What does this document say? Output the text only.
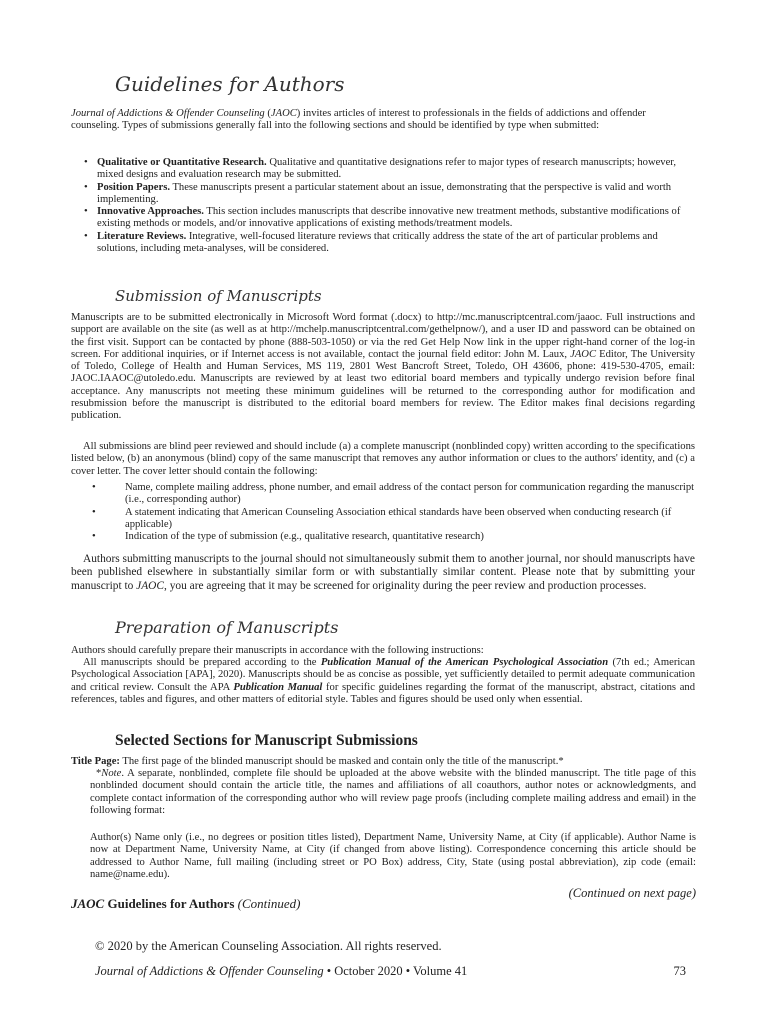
Guidelines for Authors

Journal of Addictions & Offender Counseling (JAOC) invites articles of interest to professionals in the fields of addictions and offender counseling. Types of submissions generally fall into the following sections and should be identified by type when submitted:

• Qualitative or Quantitative Research. Qualitative and quantitative designations refer to major types of research manuscripts; however, mixed designs and evaluation research may be submitted.
• Position Papers. These manuscripts present a particular statement about an issue, demonstrating that the perspective is valid and worth implementing.
• Innovative Approaches. This section includes manuscripts that describe innovative new treatment methods, substantive modifications of existing methods or models, and/or innovative applications of existing methods/treatment models.
• Literature Reviews. Integrative, well-focused literature reviews that critically address the state of the art of particular problems and solutions, including meta-analyses, will be considered.
Submission of Manuscripts

Manuscripts are to be submitted electronically in Microsoft Word format (.docx) to http://mc.manuscriptcentral.com/jaaoc. Full instructions and support are available on the site (as well as at http://mchelp.manuscriptcentral.com/gethelpnow/), and a user ID and password can be obtained on the first visit. Support can be contacted by phone (888-503-1050) or via the red Get Help Now link in the upper right-hand corner of the log-in screen. For additional inquiries, or if Internet access is not available, contact the journal field editor: John M. Laux, JAOC Editor, The University of Toledo, College of Health and Human Services, MS 119, 2801 West Bancroft Street, Toledo, OH 43606, phone: 419-530-4705, email: JAOC.IAAOC@utoledo.edu. Manuscripts are reviewed by at least two editorial board members and typically undergo revision before final acceptance. Any manuscripts not meeting these minimum guidelines will be returned to the corresponding author for modification and resubmission before the manuscript is distributed to the editorial board members for review. The Editor makes final decisions regarding publication.

All submissions are blind peer reviewed and should include (a) a complete manuscript (nonblinded copy) written according to the specifications listed below, (b) an anonymous (blind) copy of the same manuscript that removes any author information or clues to the authors' identity, and (c) a cover letter. The cover letter should contain the following:

•	Name, complete mailing address, phone number, and email address of the contact person for communication regarding the manuscript (i.e., corresponding author)
•	A statement indicating that American Counseling Association ethical standards have been observed when conducting research (if applicable)
•	Indication of the type of submission (e.g., qualitative research, quantitative research)

Authors submitting manuscripts to the journal should not simultaneously submit them to another journal, nor should manuscripts have been published elsewhere in substantially similar form or with substantially similar content. Please note that by submitting your manuscript to JAOC, you are agreeing that it may be screened for originality during the peer review and production processes.

Preparation of Manuscripts

Authors should carefully prepare their manuscripts in accordance with the following instructions:

All manuscripts should be prepared according to the Publication Manual of the American Psychological Association (7th ed.; American Psychological Association [APA], 2020). Manuscripts should be as concise as possible, yet sufficiently detailed to permit adequate communication and critical review. Consult the APA Publication Manual for specific guidelines regarding the format of the manuscript, abstract, citations and references, tables and figures, and other matters of editorial style. Tables and figures should be used only when essential.

Selected Sections for Manuscript Submissions

Title Page: The first page of the blinded manuscript should be masked and contain only the title of the manuscript.*

*Note. A separate, nonblinded, complete file should be uploaded at the above website with the blinded manuscript. The title page of this nonblinded document should contain the article title, the names and affiliations of all coauthors, author notes or acknowledgments, and complete contact information of the corresponding author who will review page proofs (including complete mailing address and email) in the following format:

Author(s) Name only (i.e., no degrees or position titles listed), Department Name, University Name, at City (if applicable). Author Name is now at Department Name, University Name, at City (if changed from above listing). Correspondence concerning this article should be addressed to Author Name, full mailing (including street or PO Box) address, City, State (using postal abbreviation), zip code (email: name@name.edu).

(Continued on next page)
JAOC Guidelines for Authors (Continued)
© 2020 by the American Counseling Association. All rights reserved.
Journal of Addictions & Offender Counseling • October 2020 • Volume 41	73
